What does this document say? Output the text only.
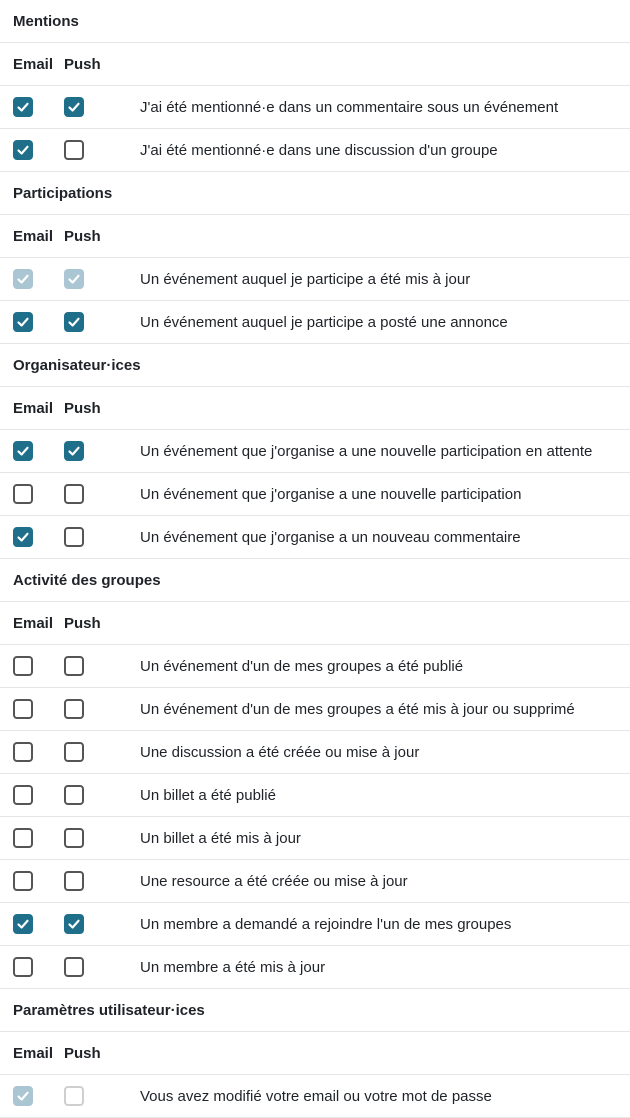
Mentions
Email Push
J'ai été mentionné·e dans un commentaire sous un événement
J'ai été mentionné·e dans une discussion d'un groupe
Participations
Email Push
Un événement auquel je participe a été mis à jour
Un événement auquel je participe a posté une annonce
Organisateur·ices
Email Push
Un événement que j'organise a une nouvelle participation en attente
Un événement que j'organise a une nouvelle participation
Un événement que j'organise a un nouveau commentaire
Activité des groupes
Email Push
Un événement d'un de mes groupes a été publié
Un événement d'un de mes groupes a été mis à jour ou supprimé
Une discussion a été créée ou mise à jour
Un billet a été publié
Un billet a été mis à jour
Une resource a été créée ou mise à jour
Un membre a demandé a rejoindre l'un de mes groupes
Un membre a été mis à jour
Paramètres utilisateur·ices
Email Push
Vous avez modifié votre email ou votre mot de passe
